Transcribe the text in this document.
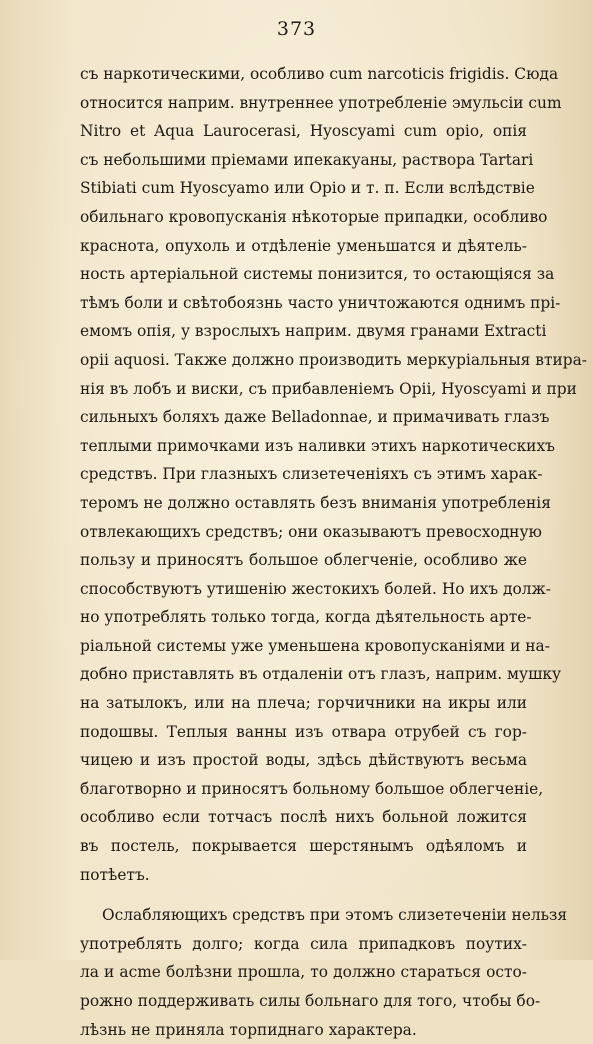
373
съ наркотическими, особливо cum narcoticis frigidis. Сюда
относится наприм. внутреннее употребленіе эмульсіи cum
Nitro et Aqua Laurocerasi, Hyoscyami cum opio, опія
съ небольшими пріемами ипекакуаны, раствора Tartari
Stibiati cum Hyoscyamo или Opio и т. п. Если вслѣдствіе
обильнаго кровопусканія нѣкоторые припадки, особливо
краснота, опухоль и отдѣленіе уменьшатся и дѣятель-
ность артеріальной системы понизится, то остающіяся за
тѣмъ боли и свѣтобоязнь часто уничтожаются однимъ прі-
емомъ опія, у взрослыхъ наприм. двумя гранами Extracti
opii aquosi. Также должно производить меркуріальныя втира-
нія въ лобъ и виски, съ прибавленіемъ Opii, Hyoscyami и при
сильныхъ боляхъ даже Belladonnae, и примачивать глазъ
теплыми примочками изъ наливки этихъ наркотическихъ
средствъ. При глазныхъ слизетеченіяхъ съ этимъ харак-
теромъ не должно оставлять безъ вниманія употребленія
отвлекающихъ средствъ; они оказываютъ превосходную
пользу и приносятъ большое облегченіе, особливо же
способствуютъ утишенію жестокихъ болей. Но ихъ долж-
но употреблять только тогда, когда дѣятельность арте-
ріальной системы уже уменьшена кровопусканіями и на-
добно приставлять въ отдаленіи отъ глазъ, наприм. мушку
на затылокъ, или на плеча; горчичники на икры или
подошвы. Теплыя ванны изъ отвара отрубей съ гор-
чицею и изъ простой воды, здѣсь дѣйствуютъ весьма
благотворно и приносятъ больному большое облегченіе,
особливо если тотчасъ послѣ нихъ больной ложится
въ постель, покрывается шерстянымъ одѣяломъ и
потѣетъ.
Ослабляющихъ средствъ при этомъ слизетеченіи нельзя
употреблять долго; когда сила припадковъ поутих-
ла и acme болѣзни прошла, то должно стараться осто-
рожно поддерживать силы больнаго для того, чтобы бо-
лѣзнь не приняла торпиднаго характера.
